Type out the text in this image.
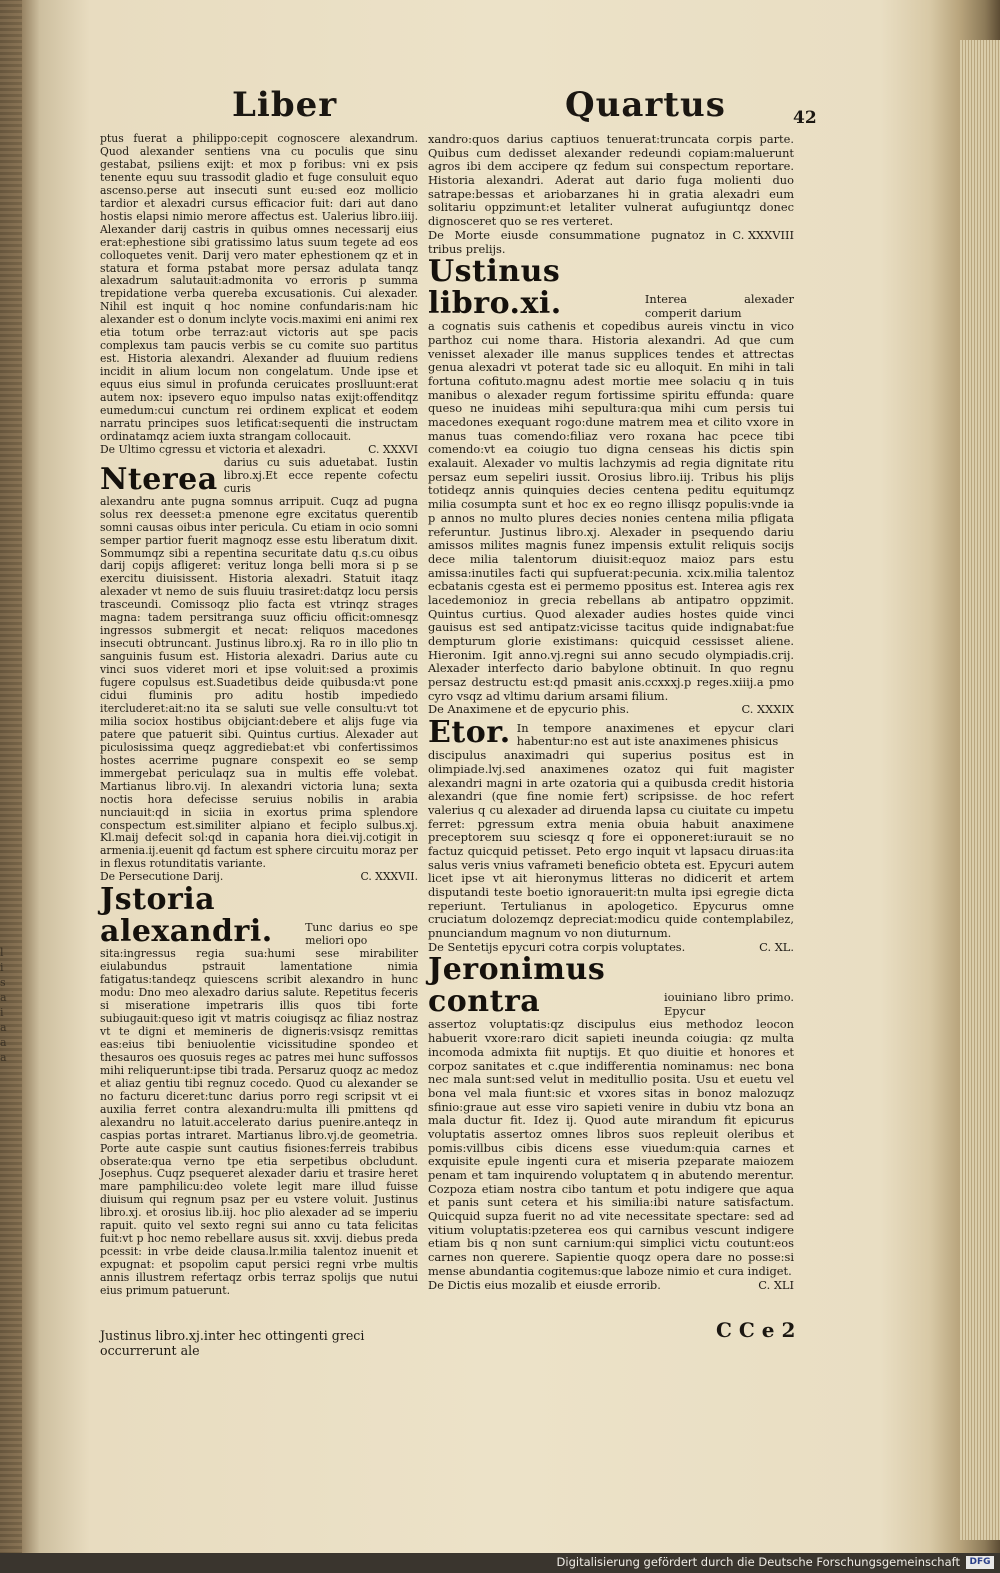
l
i
s
a
i
a
a
a
Liber	Quartus	42

ptus fuerat a philippo:cepit cognoscere alexandrum. Quod alexander sentiens vna cu poculis que sinu gestabat, psiliens exijt: et mox p foribus: vni ex psis tenente equu suu trassodit gladio et fuge consuluit equo ascenso.perse aut insecuti sunt eu:sed eoz mollicio tardior et alexadri cursus efficacior fuit: dari aut dano hostis elapsi nimio merore affectus est. Ualerius libro.iiij. Alexander darij castris in quibus omnes necessarij eius erat:ephestione sibi gratissimo latus suum tegete ad eos colloquetes venit. Darij vero mater ephestionem qz et in statura et forma pstabat more persaz adulata tanqz alexadrum salutauit:admonita vo erroris p summa trepidatione verba quereba excusationis. Cui alexader. Nihil est inquit q hoc nomine confundaris:nam hic alexander est o donum inclyte vocis.maximi eni animi rex etia totum orbe terraz:aut victoris aut spe pacis complexus tam paucis verbis se cu comite suo partitus est. Historia alexandri. Alexander ad fluuium rediens incidit in alium locum non congelatum. Unde ipse et equus eius simul in profunda ceruicates proslluunt:erat autem nox: ipsevero equo impulso natas exijt:offenditqz eumedum:cui cunctum rei ordinem explicat et eodem narratu principes suos letificat:sequenti die instructam ordinatamqz aciem iuxta strangam collocauit.

De Ultimo cgressu et victoria et alexadri.	C. XXXVI
Nterea darius cu suis aduetabat. Iustin libro.xj.Et ecce repente cofectu curis

alexandru ante pugna somnus arripuit. Cuqz ad pugna solus rex deesset:a pmenone egre excitatus querentib somni causas oibus inter pericula. Cu etiam in ocio somni semper partior fuerit magnoqz esse estu liberatum dixit. Sommumqz sibi a repentina securitate datu q.s.cu oibus darij copijs afligeret: verituz longa belli mora si p se exercitu diuisissent. Historia alexadri. Statuit itaqz alexader vt nemo de suis fluuiu trasiret:datqz locu persis trasceundi. Comissoqz plio facta est vtrinqz strages magna: tadem persitranga suuz officiu officit:omnesqz ingressos submergit et necat: reliquos macedones insecuti obtruncant. Justinus libro.xj. Ra ro in illo plio tn sanguinis fusum est. Historia alexadri. Darius aute cu vinci suos videret mori et ipse voluit:sed a proximis fugere copulsus est.Suadetibus deide quibusda:vt pone cidui fluminis pro aditu hostib impediedo itercluderet:ait:no ita se saluti sue velle consultu:vt tot milia sociox hostibus obijciant:debere et alijs fuge via patere que patuerit sibi. Quintus curtius. Alexader aut piculosissima queqz aggrediebat:et vbi confertissimos hostes acerrime pugnare conspexit eo se semp immergebat periculaqz sua in multis effe volebat. Martianus libro.vij. In alexandri victoria luna; sexta noctis hora defecisse seruius nobilis in arabia nunciauit:qd in siciia in exortus prima splendore conspectum est.similiter alpiano et feciplo sulbus.xj. Kl.maij defecit sol:qd in capania hora diei.vij.cotigit in armenia.ij.euenit qd factum est sphere circuitu moraz per in flexus rotunditatis variante.

De Persecutione Darij.	C. XXXVII.
Jstoria alexandri.	Tunc darius eo spe meliori opo

sita:ingressus regia sua:humi sese mirabiliter eiulabundus pstrauit lamentatione nimia fatigatus:tandeqz quiescens scribit alexandro in hunc modu: Dno meo alexadro darius salute. Repetitus feceris si miseratione impetraris illis quos tibi forte subiugauit:queso igit vt matris coiugisqz ac filiaz nostraz vt te digni et memineris de digneris:vsisqz remittas eas:eius tibi beniuolentie vicissitudine spondeo et thesauros oes quosuis reges ac patres mei hunc suffossos mihi reliquerunt:ipse tibi trada. Persaruz quoqz ac medoz et aliaz gentiu tibi regnuz cocedo. Quod cu alexander se no facturu diceret:tunc darius porro regi scripsit vt ei auxilia ferret contra alexandru:multa illi pmittens qd alexandru no latuit.accelerato darius puenire.anteqz in caspias portas intraret. Martianus libro.vj.de geometria. Porte aute caspie sunt cautius fisiones:ferreis trabibus obserate:qua verno tpe etia serpetibus obcludunt. Josephus. Cuqz psequeret alexader dariu et trasire heret mare pamphilicu:deo volete legit mare illud fuisse diuisum qui regnum psaz per eu vstere voluit. Justinus libro.xj. et orosius lib.iij. hoc plio alexader ad se imperiu rapuit. quito vel sexto regni sui anno cu tata felicitas fuit:vt p hoc nemo rebellare ausus sit. xxvij. diebus preda pcessit: in vrbe deide clausa.lr.milia talentoz inuenit et expugnat: et psopolim caput persici regni vrbe multis annis illustrem refertaqz orbis terraz spolijs que nutui eius primum patuerunt.

Justinus libro.xj.inter hec ottingenti greci occurrerunt ale

xandro:quos darius captiuos tenuerat:truncata corpis parte. Quibus cum dedisset alexander redeundi copiam:maluerunt agros ibi dem accipere qz fedum sui conspectum reportare. Historia alexandri. Aderat aut dario fuga molienti duo satrape:bessas et ariobarzanes hi in gratia alexadri eum solitariu oppzimunt:et letaliter vulnerat aufugiuntqz donec dignosceret quo se res verteret.

De Morte eiusde consummatione pugnatoz in tribus prelijs.
C. XXXVIII
Ustinus libro.xi.	Interea alexader comperit darium

a cognatis suis cathenis et copedibus aureis vinctu in vico parthoz cui nome thara. Historia alexandri. Ad que cum venisset alexader ille manus supplices tendes et attrectas genua alexadri vt poterat tade sic eu alloquit. En mihi in tali fortuna cofituto.magnu adest mortie mee solaciu q in tuis manibus o alexader regum fortissime spiritu effunda: quare queso ne inuideas mihi sepultura:qua mihi cum persis tui macedones exequant rogo:dune matrem mea et cilito vxore in manus tuas comendo:filiaz vero roxana hac pcece tibi comendo:vt ea coiugio tuo digna censeas his dictis spin exalauit. Alexader vo multis lachzymis ad regia dignitate ritu persaz eum sepeliri iussit. Orosius libro.iij. Tribus his plijs totideqz annis quinquies decies centena peditu equitumqz milia cosumpta sunt et hoc ex eo regno illisqz populis:vnde ia p annos no multo plures decies nonies centena milia pfligata referuntur. Justinus libro.xj. Alexader in psequendo dariu amissos milites magnis funez impensis extulit reliquis socijs dece milia talentorum diuisit:equoz maioz pars estu amissa:inutiles facti qui supfuerat:pecunia. xcix.milia talentoz ecbatanis cgesta est ei permemo ppositus est. Interea agis rex lacedemonioz in grecia rebellans ab antipatro oppzimit. Quintus curtius. Quod alexader audies hostes quide vinci gauisus est sed antipatz:vicisse tacitus quide indignabat:fue dempturum glorie existimans: quicquid cessisset aliene. Hieronim. Igit anno.vj.regni sui anno secudo olympiadis.crij. Alexader interfecto dario babylone obtinuit. In quo regnu persaz destructu est:qd pmasit anis.ccxxxj.p reges.xiiij.a pmo cyro vsqz ad vltimu darium arsami filium.

De Anaximene et de epycurio phis.	C. XXXIX
Etor. In tempore anaximenes et epycur clari habentur:no est aut iste anaximenes phisicus

discipulus anaximadri qui superius positus est in olimpiade.lvj.sed anaximenes ozatoz qui fuit magister alexandri magni in arte ozatoria qui a quibusda credit historia alexandri (que fine nomie fert) scripsisse. de hoc refert valerius q cu alexader ad diruenda lapsa cu ciuitate cu impetu ferret: pgressum extra menia obuia habuit anaximene preceptorem suu sciesqz q fore ei opponeret:iurauit se no factuz quicquid petisset. Peto ergo inquit vt lapsacu diruas:ita salus veris vnius vaframeti beneficio obteta est. Epycuri autem licet ipse vt ait hieronymus litteras no didicerit et artem disputandi teste boetio ignorauerit:tn multa ipsi egregie dicta reperiunt. Tertulianus in apologetico. Epycurus omne cruciatum dolozemqz depreciat:modicu quide contemplabilez, pnunciandum magnum vo non diuturnum.

De Sentetijs epycuri cotra corpis voluptates.	C. XL.
Jeronimus contra	iouiniano libro primo. Epycur

assertoz voluptatis:qz discipulus eius methodoz leocon habuerit vxore:raro dicit sapieti ineunda coiugia: qz multa incomoda admixta fiit nuptijs. Et quo diuitie et honores et corpoz sanitates et c.que indifferentia nominamus: nec bona nec mala sunt:sed velut in meditullio posita. Usu et euetu vel bona vel mala fiunt:sic et vxores sitas in bonoz malozuqz sfinio:graue aut esse viro sapieti venire in dubiu vtz bona an mala ductur fit. Idez ij. Quod aute mirandum fit epicurus voluptatis assertoz omnes libros suos repleuit oleribus et pomis:villbus cibis dicens esse viuedum:quia carnes et exquisite epule ingenti cura et miseria pzeparate maiozem penam et tam inquirendo voluptatem q in abutendo merentur. Cozpoza etiam nostra cibo tantum et potu indigere que aqua et panis sunt cetera et his similia:ibi nature satisfactum. Quicquid supza fuerit no ad vite necessitate spectare: sed ad vitium voluptatis:pzeterea eos qui carnibus vescunt indigere etiam bis q non sunt carnium:qui simplici victu coutunt:eos carnes non querere. Sapientie quoqz opera dare no posse:si mense abundantia cogitemus:que laboze nimio et cura indiget.

De Dictis eius mozalib et eiusde errorib.	C. XLI
C C e 2
Digitalisierung gefördert durch die Deutsche Forschungsgemeinschaft	DFG
